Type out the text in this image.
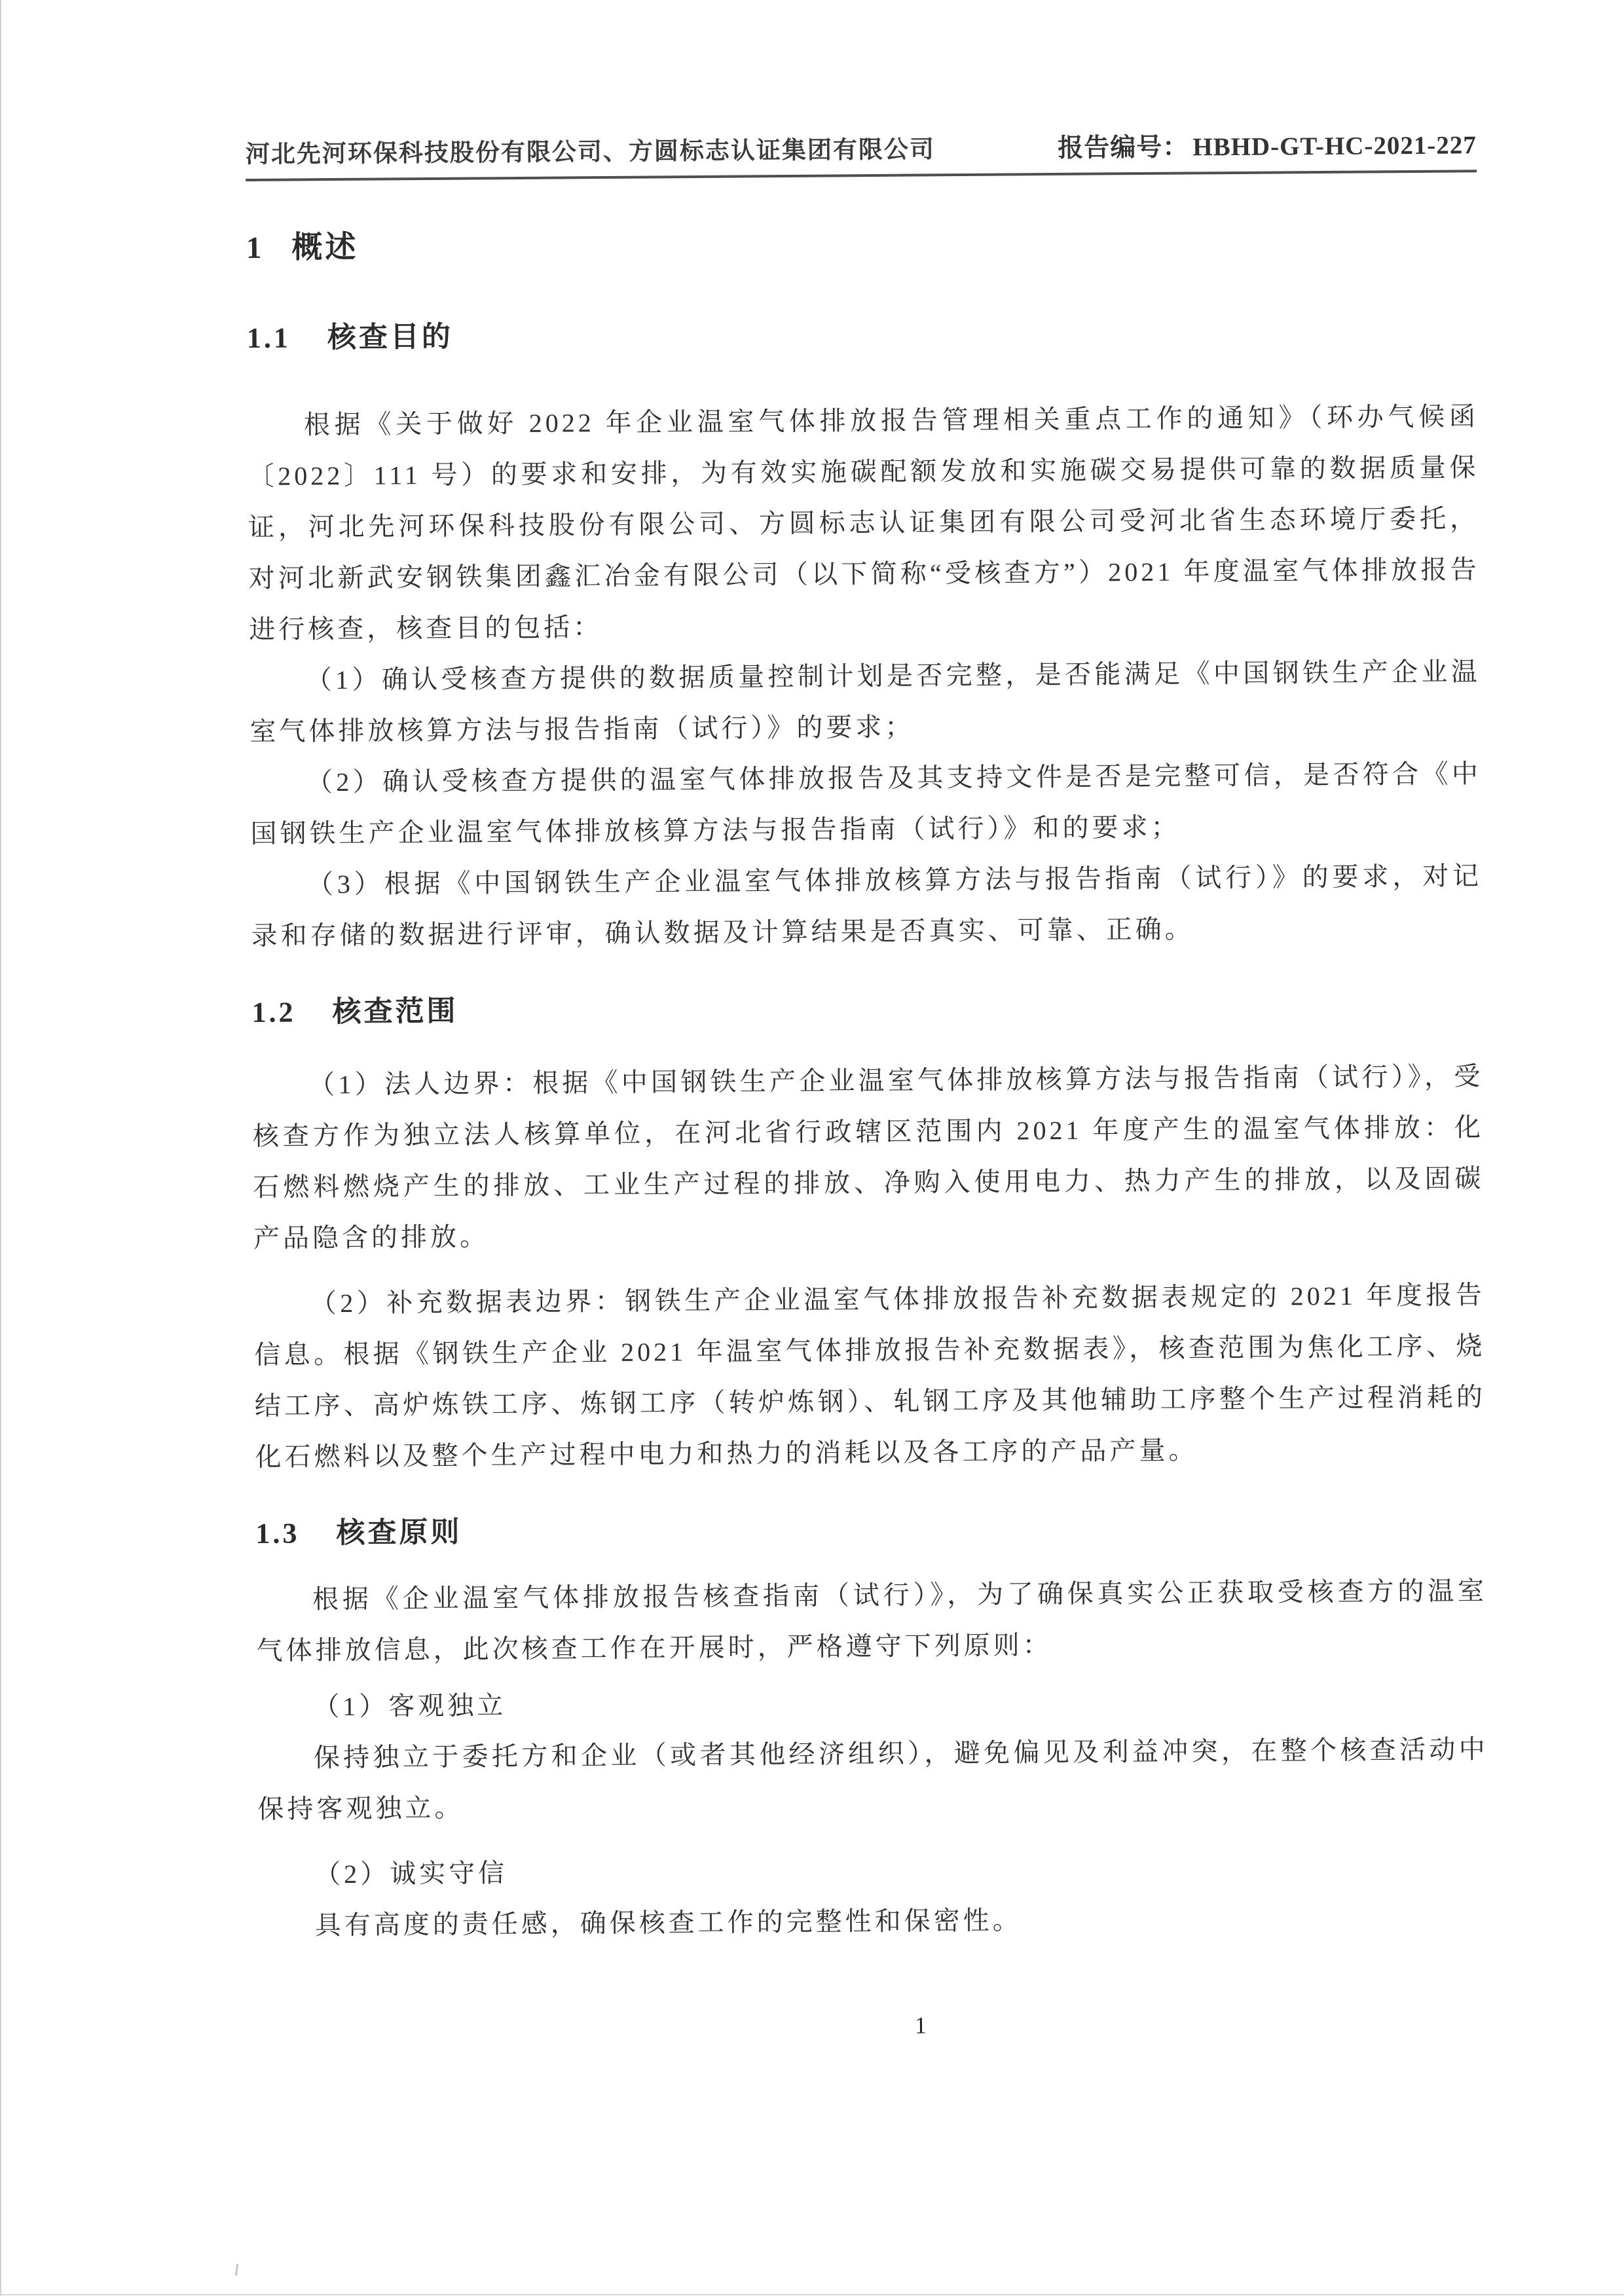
河北先河环保科技股份有限公司、方圆标志认证集团有限公司	报告编号： HBHD-GT-HC-2021-227
1 概述
1.1 核查目的

根据《关于做好 2022 年企业温室气体排放报告管理相关重点工作的通知》（环办气候函〔2022〕111 号）的要求和安排，为有效实施碳配额发放和实施碳交易提供可靠的数据质量保证，河北先河环保科技股份有限公司、方圆标志认证集团有限公司受河北省生态环境厅委托，对河北新武安钢铁集团鑫汇冶金有限公司（以下简称“受核查方”）2021 年度温室气体排放报告进行核查，核查目的包括：

（1）确认受核查方提供的数据质量控制计划是否完整，是否能满足《中国钢铁生产企业温室气体排放核算方法与报告指南（试行）》的要求；

（2）确认受核查方提供的温室气体排放报告及其支持文件是否是完整可信，是否符合《中国钢铁生产企业温室气体排放核算方法与报告指南（试行）》和的要求；

（3）根据《中国钢铁生产企业温室气体排放核算方法与报告指南（试行）》的要求，对记录和存储的数据进行评审，确认数据及计算结果是否真实、可靠、正确。

1.2 核查范围

（1）法人边界：根据《中国钢铁生产企业温室气体排放核算方法与报告指南（试行）》，受核查方作为独立法人核算单位，在河北省行政辖区范围内 2021 年度产生的温室气体排放：化石燃料燃烧产生的排放、工业生产过程的排放、净购入使用电力、热力产生的排放，以及固碳产品隐含的排放。

（2）补充数据表边界：钢铁生产企业温室气体排放报告补充数据表规定的 2021 年度报告信息。根据《钢铁生产企业 2021 年温室气体排放报告补充数据表》，核查范围为焦化工序、烧结工序、高炉炼铁工序、炼钢工序（转炉炼钢）、轧钢工序及其他辅助工序整个生产过程消耗的化石燃料以及整个生产过程中电力和热力的消耗以及各工序的产品产量。

1.3 核查原则

根据《企业温室气体排放报告核查指南（试行）》，为了确保真实公正获取受核查方的温室气体排放信息，此次核查工作在开展时，严格遵守下列原则：

（1）客观独立

保持独立于委托方和企业（或者其他经济组织），避免偏见及利益冲突，在整个核查活动中保持客观独立。

（2）诚实守信

具有高度的责任感，确保核查工作的完整性和保密性。

1
